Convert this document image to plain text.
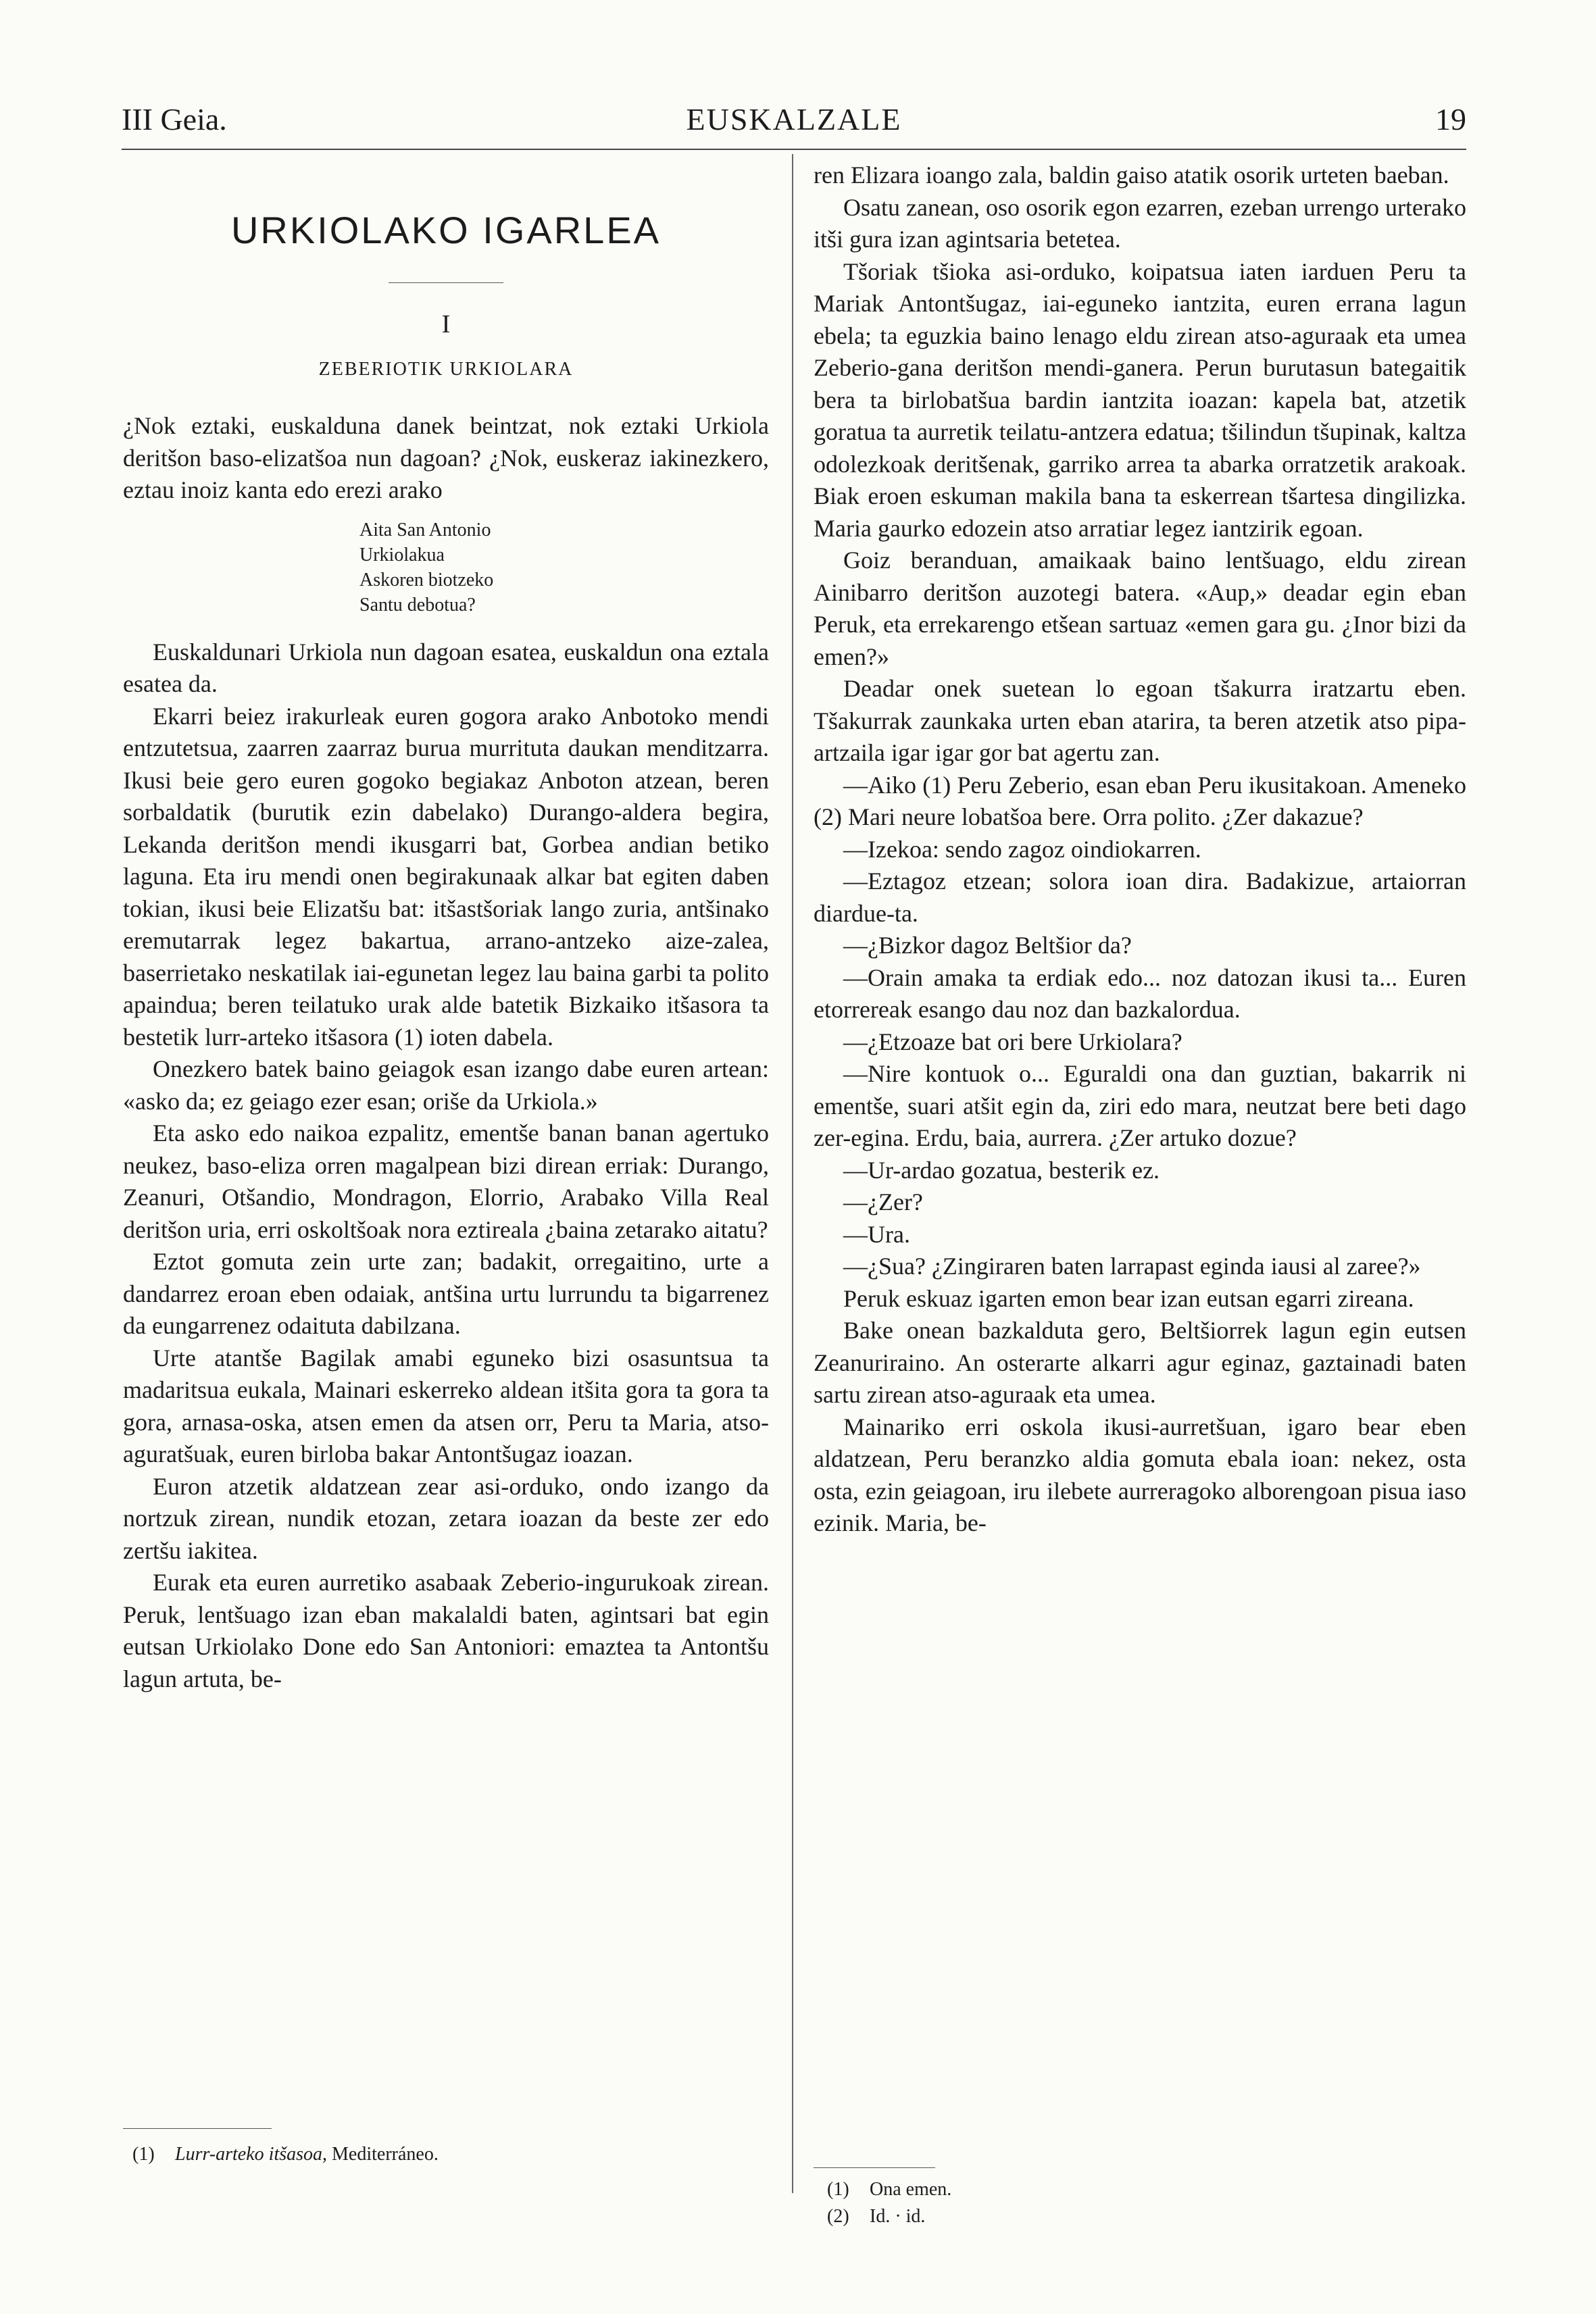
III Geia.	EUSKALZALE	19
URKIOLAKO IGARLEA
I
ZEBERIOTIK URKIOLARA

¿Nok eztaki, euskalduna danek beintzat, nok eztaki Urkiola deritšon baso-elizatšoa nun dagoan? ¿Nok, euskeraz iakinezkero, eztau inoiz kanta edo erezi arako

Aita San Antonio
Urkiolakua
Askoren biotzeko
Santu debotua?

Euskaldunari Urkiola nun dagoan esatea, euskaldun ona eztala esatea da.

Ekarri beiez irakurleak euren gogora arako Anbotoko mendi entzutetsua, zaarren zaarraz burua murrituta daukan menditzarra. Ikusi beie gero euren gogoko begiakaz Anboton atzean, beren sorbaldatik (burutik ezin dabelako) Durango-aldera begira, Lekanda deritšon mendi ikusgarri bat, Gorbea andian betiko laguna. Eta iru mendi onen begirakunaak alkar bat egiten daben tokian, ikusi beie Elizatšu bat: itšastšoriak lango zuria, antšinako eremutarrak legez bakartua, arrano-antzeko aize-zalea, baserrietako neskatilak iai-egunetan legez lau baina garbi ta polito apaindua; beren teilatuko urak alde batetik Bizkaiko itšasora ta bestetik lurr-arteko itšasora (1) ioten dabela.

Onezkero batek baino geiagok esan izango dabe euren artean: «asko da; ez geiago ezer esan; oriše da Urkiola.»

Eta asko edo naikoa ezpalitz, ementše banan banan agertuko neukez, baso-eliza orren magalpean bizi direan erriak: Durango, Zeanuri, Otšandio, Mondragon, Elorrio, Arabako Villa Real deritšon uria, erri oskoltšoak nora eztireala ¿baina zetarako aitatu?

Eztot gomuta zein urte zan; badakit, orregaitino, urte a dandarrez eroan eben odaiak, antšina urtu lurrundu ta bigarrenez da eungarrenez odaituta dabilzana.

Urte atantše Bagilak amabi eguneko bizi osasuntsua ta madaritsua eukala, Mainari eskerreko aldean itšita gora ta gora ta gora, arnasa-oska, atsen emen da atsen orr, Peru ta Maria, atso-aguratšuak, euren birloba bakar Antontšugaz ioazan.

Euron atzetik aldatzean zear asi-orduko, ondo izango da nortzuk zirean, nundik etozan, zetara ioazan da beste zer edo zertšu iakitea.

Eurak eta euren aurretiko asabaak Zeberio-ingurukoak zirean. Peruk, lentšuago izan eban makalaldi baten, agintsari bat egin eutsan Urkiolako Done edo San Antoniori: emaztea ta Antontšu lagun artuta, be-

(1) Lurr-arteko itšasoa, Mediterráneo.

ren Elizara ioango zala, baldin gaiso atatik osorik urteten baeban.

Osatu zanean, oso osorik egon ezarren, ezeban urrengo urterako itši gura izan agintsaria betetea.

Tšoriak tšioka asi-orduko, koipatsua iaten iarduen Peru ta Mariak Antontšugaz, iai-eguneko iantzita, euren errana lagun ebela; ta eguzkia baino lenago eldu zirean atso-aguraak eta umea Zeberio-gana deritšon mendi-ganera. Perun burutasun bategaitik bera ta birlobatšua bardin iantzita ioazan: kapela bat, atzetik goratua ta aurretik teilatu-antzera edatua; tšilindun tšupinak, kaltza odolezkoak deritšenak, garriko arrea ta abarka orratzetik arakoak. Biak eroen eskuman makila bana ta eskerrean tšartesa dingilizka. Maria gaurko edozein atso arratiar legez iantzirik egoan.

Goiz beranduan, amaikaak baino lentšuago, eldu zirean Ainibarro deritšon auzotegi batera. «Aup,» deadar egin eban Peruk, eta errekarengo etšean sartuaz «emen gara gu. ¿Inor bizi da emen?»

Deadar onek suetean lo egoan tšakurra iratzartu eben. Tšakurrak zaunkaka urten eban atarira, ta beren atzetik atso pipa-artzaila igar igar gor bat agertu zan.

—Aiko (1) Peru Zeberio, esan eban Peru ikusitakoan. Ameneko (2) Mari neure lobatšoa bere. Orra polito. ¿Zer dakazue?

—Izekoa: sendo zagoz oindiokarren.

—Eztagoz etzean; solora ioan dira. Badakizue, artaiorran diardue-ta.

—¿Bizkor dagoz Beltšior da?

—Orain amaka ta erdiak edo... noz datozan ikusi ta... Euren etorrereak esango dau noz dan bazkalordua.

—¿Etzoaze bat ori bere Urkiolara?

—Nire kontuok o... Eguraldi ona dan guztian, bakarrik ni ementše, suari atšit egin da, ziri edo mara, neutzat bere beti dago zer-egina. Erdu, baia, aurrera. ¿Zer artuko dozue?

—Ur-ardao gozatua, besterik ez.

—¿Zer?

—Ura.

—¿Sua? ¿Zingiraren baten larrapast eginda iausi al zaree?»

Peruk eskuaz igarten emon bear izan eutsan egarri zireana.

Bake onean bazkalduta gero, Beltšiorrek lagun egin eutsen Zeanuriraino. An osterarte alkarri agur eginaz, gaztainadi baten sartu zirean atso-aguraak eta umea.

Mainariko erri oskola ikusi-aurretšuan, igaro bear eben aldatzean, Peru beranzko aldia gomuta ebala ioan: nekez, osta osta, ezin geiagoan, iru ilebete aurreragoko alborengoan pisua iaso ezinik. Maria, be-

(1) Ona emen.
(2) Id. · id.
